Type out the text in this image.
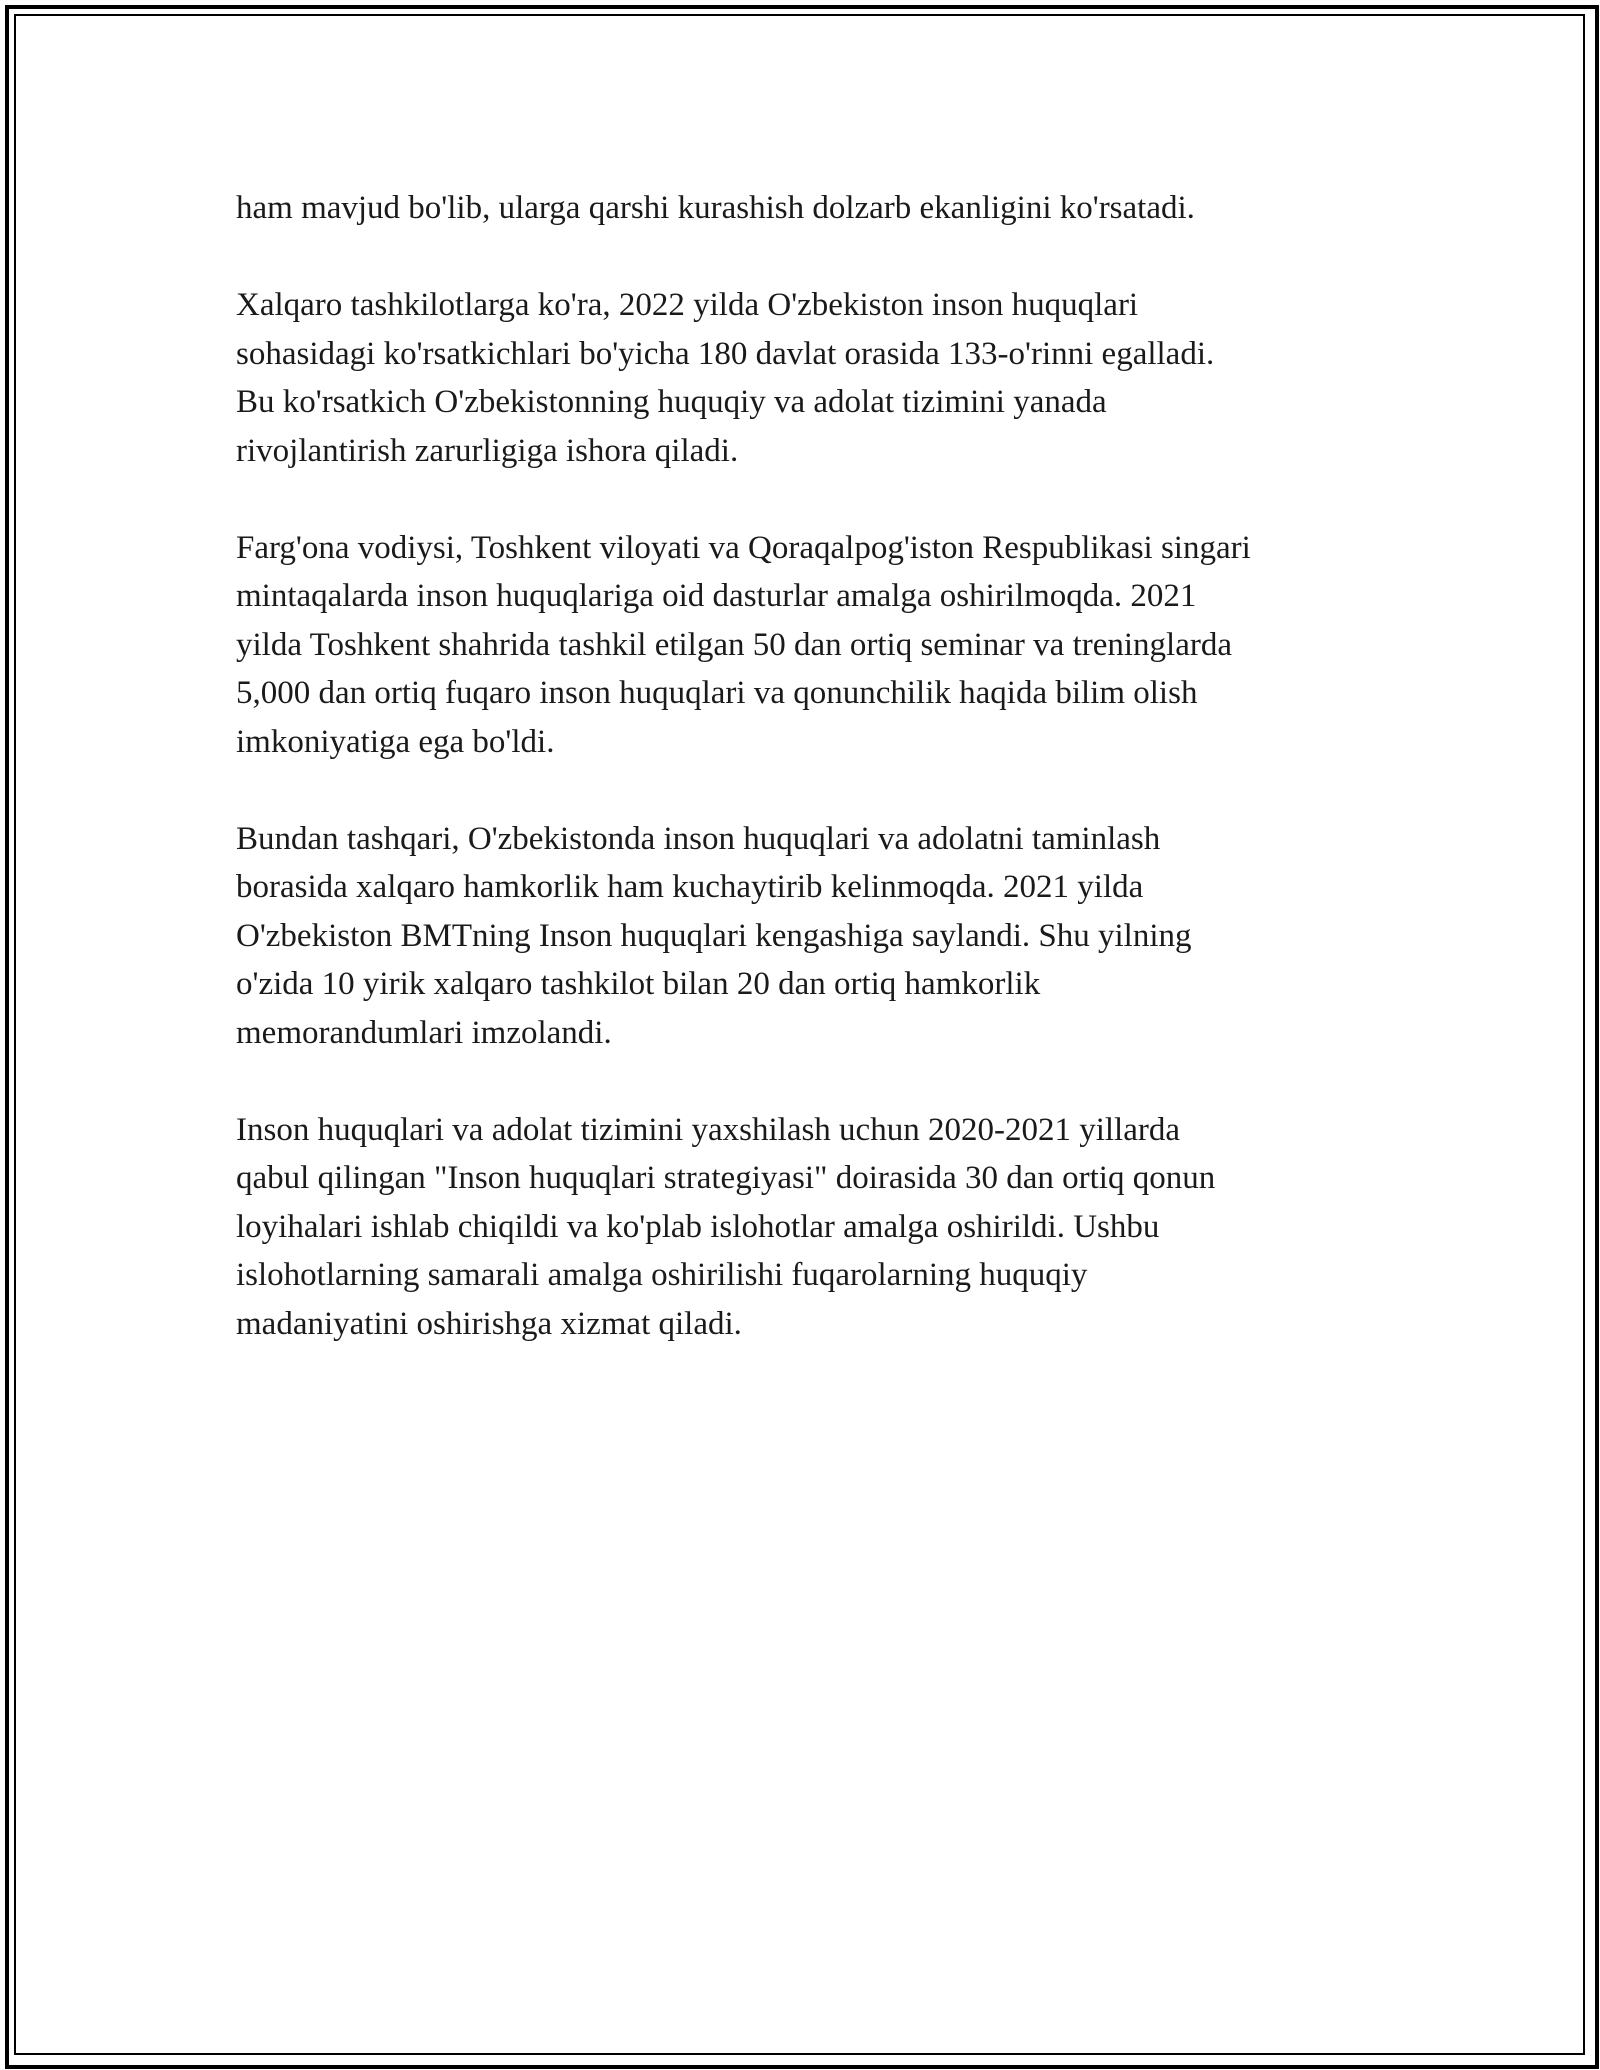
ham mavjud bo'lib, ularga qarshi kurashish dolzarb ekanligini ko'rsatadi.

Xalqaro tashkilotlarga ko'ra, 2022 yilda O'zbekiston inson huquqlari
sohasidagi ko'rsatkichlari bo'yicha 180 davlat orasida 133-o'rinni egalladi.
Bu ko'rsatkich O'zbekistonning huquqiy va adolat tizimini yanada
rivojlantirish zarurligiga ishora qiladi.

Farg'ona vodiysi, Toshkent viloyati va Qoraqalpog'iston Respublikasi singari
mintaqalarda inson huquqlariga oid dasturlar amalga oshirilmoqda. 2021
yilda Toshkent shahrida tashkil etilgan 50 dan ortiq seminar va treninglarda
5,000 dan ortiq fuqaro inson huquqlari va qonunchilik haqida bilim olish
imkoniyatiga ega bo'ldi.

Bundan tashqari, O'zbekistonda inson huquqlari va adolatni taminlash
borasida xalqaro hamkorlik ham kuchaytirib kelinmoqda. 2021 yilda
O'zbekiston BMTning Inson huquqlari kengashiga saylandi. Shu yilning
o'zida 10 yirik xalqaro tashkilot bilan 20 dan ortiq hamkorlik
memorandumlari imzolandi.

Inson huquqlari va adolat tizimini yaxshilash uchun 2020-2021 yillarda
qabul qilingan "Inson huquqlari strategiyasi" doirasida 30 dan ortiq qonun
loyihalari ishlab chiqildi va ko'plab islohotlar amalga oshirildi. Ushbu
islohotlarning samarali amalga oshirilishi fuqarolarning huquqiy
madaniyatini oshirishga xizmat qiladi.
